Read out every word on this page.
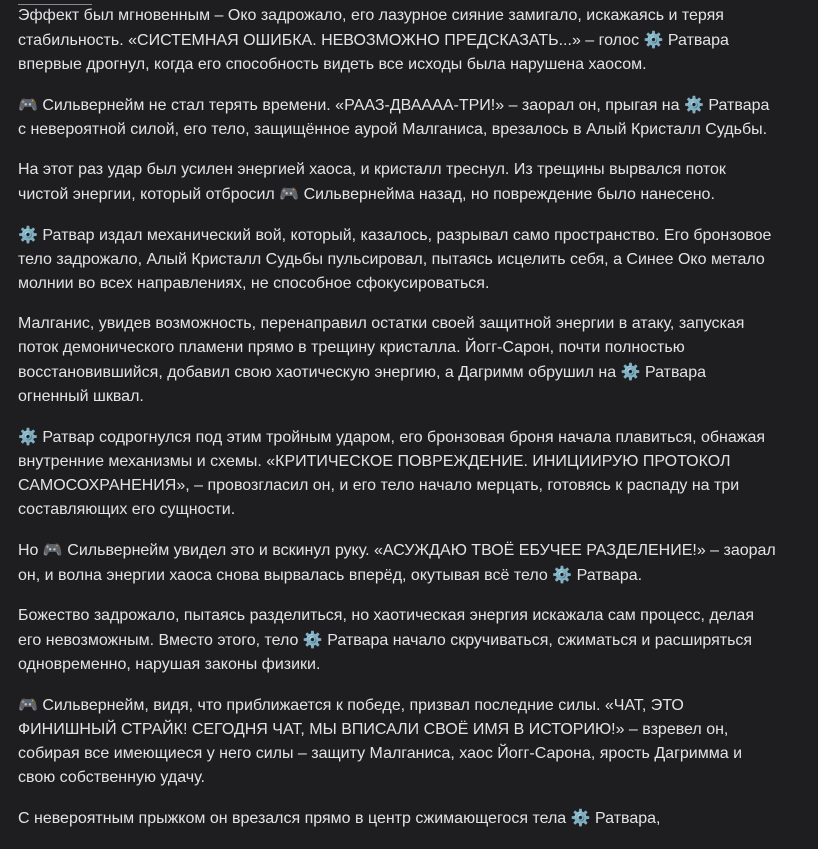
Эффект был мгновенным – Око задрожало, его лазурное сияние замигало, искажаясь и теряя стабильность. «СИСТЕМНАЯ ОШИБКА. НЕВОЗМОЖНО ПРЕДСКАЗАТЬ...» – голос ⚙️ Ратвара впервые дрогнул, когда его способность видеть все исходы была нарушена хаосом.

🎮 Сильвернейм не стал терять времени. «РААЗ-ДВАААА-ТРИ!» – заорал он, прыгая на ⚙️ Ратвара с невероятной силой, его тело, защищённое аурой Малганиса, врезалось в Алый Кристалл Судьбы.

На этот раз удар был усилен энергией хаоса, и кристалл треснул. Из трещины вырвался поток чистой энергии, который отбросил 🎮 Сильвернейма назад, но повреждение было нанесено.

⚙️ Ратвар издал механический вой, который, казалось, разрывал само пространство. Его бронзовое тело задрожало, Алый Кристалл Судьбы пульсировал, пытаясь исцелить себя, а Синее Око метало молнии во всех направлениях, не способное сфокусироваться.

Малганис, увидев возможность, перенаправил остатки своей защитной энергии в атаку, запуская поток демонического пламени прямо в трещину кристалла. Йогг-Сарон, почти полностью восстановившийся, добавил свою хаотическую энергию, а Дагримм обрушил на ⚙️ Ратвара огненный шквал.

⚙️ Ратвар содрогнулся под этим тройным ударом, его бронзовая броня начала плавиться, обнажая внутренние механизмы и схемы. «КРИТИЧЕСКОЕ ПОВРЕЖДЕНИЕ. ИНИЦИИРУЮ ПРОТОКОЛ САМОСОХРАНЕНИЯ», – провозгласил он, и его тело начало мерцать, готовясь к распаду на три составляющих его сущности.

Но 🎮 Сильвернейм увидел это и вскинул руку. «АСУЖДАЮ ТВОЁ ЕБУЧЕЕ РАЗДЕЛЕНИЕ!» – заорал он, и волна энергии хаоса снова вырвалась вперёд, окутывая всё тело ⚙️ Ратвара.

Божество задрожало, пытаясь разделиться, но хаотическая энергия искажала сам процесс, делая его невозможным. Вместо этого, тело ⚙️ Ратвара начало скручиваться, сжиматься и расширяться одновременно, нарушая законы физики.

🎮 Сильвернейм, видя, что приближается к победе, призвал последние силы. «ЧАТ, ЭТО ФИНИШНЫЙ СТРАЙК! СЕГОДНЯ ЧАТ, МЫ ВПИСАЛИ СВОЁ ИМЯ В ИСТОРИЮ!» – взревел он, собирая все имеющиеся у него силы – защиту Малганиса, хаос Йогг-Сарона, ярость Дагримма и свою собственную удачу.

С невероятным прыжком он врезался прямо в центр сжимающегося тела ⚙️ Ратвара,
